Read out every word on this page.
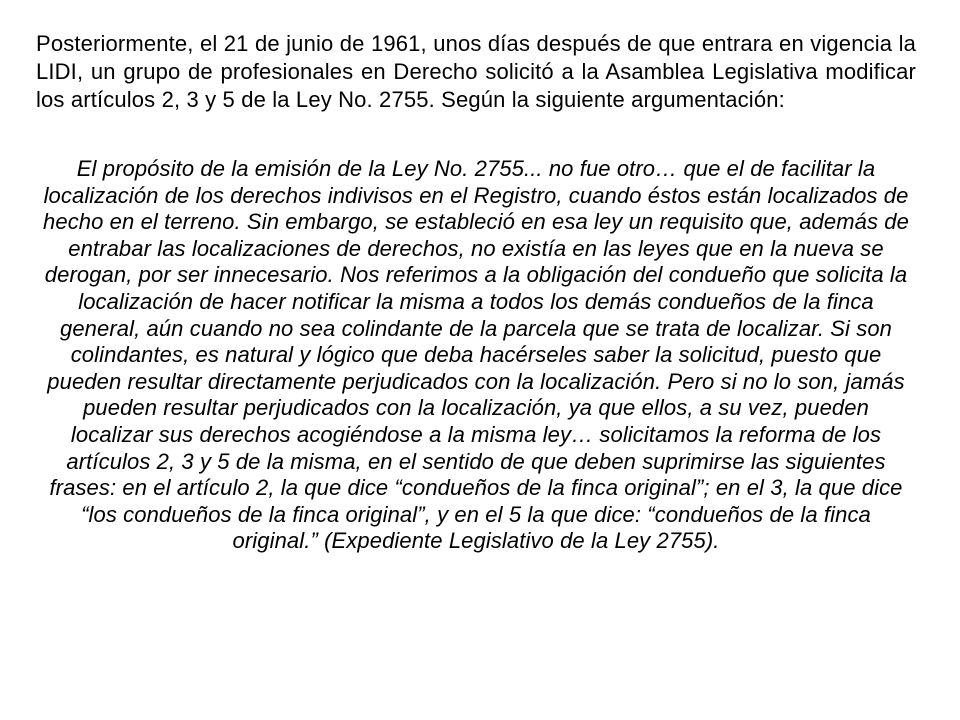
Posteriormente, el 21 de junio de 1961, unos días después de que entrara en vigencia la LIDI, un grupo de profesionales en Derecho solicitó a la Asamblea Legislativa modificar los artículos 2, 3 y 5 de la Ley No. 2755. Según la siguiente argumentación:

El propósito de la emisión de la Ley No. 2755... no fue otro… que el de facilitar la localización de los derechos indivisos en el Registro, cuando éstos están localizados de hecho en el terreno. Sin embargo, se estableció en esa ley un requisito que, además de entrabar las localizaciones de derechos, no existía en las leyes que en la nueva se derogan, por ser innecesario. Nos referimos a la obligación del condueño que solicita la localización de hacer notificar la misma a todos los demás condueños de la finca general, aún cuando no sea colindante de la parcela que se trata de localizar. Si son colindantes, es natural y lógico que deba hacérseles saber la solicitud, puesto que pueden resultar directamente perjudicados con la localización. Pero si no lo son, jamás pueden resultar perjudicados con la localización, ya que ellos, a su vez, pueden localizar sus derechos acogiéndose a la misma ley… solicitamos la reforma de los artículos 2, 3 y 5 de la misma, en el sentido de que deben suprimirse las siguientes frases: en el artículo 2, la que dice “condueños de la finca original”; en el 3, la que dice “los condueños de la finca original”, y en el 5 la que dice: “condueños de la finca original.” (Expediente Legislativo de la Ley 2755).
